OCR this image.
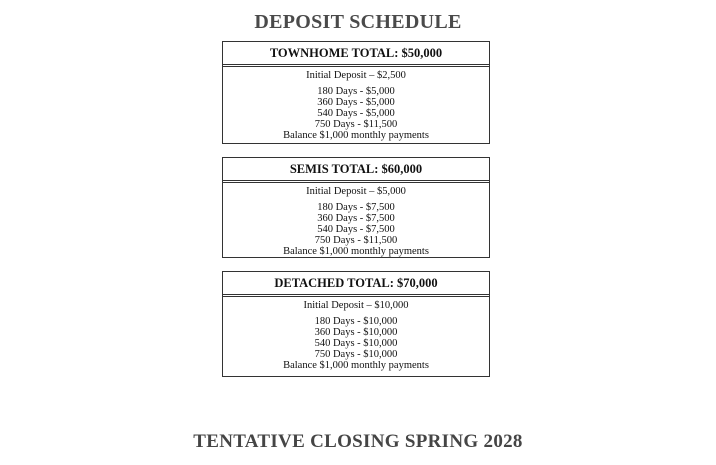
DEPOSIT SCHEDULE
TOWNHOME TOTAL: $50,000
Initial Deposit – $2,500
180 Days - $5,000
360 Days - $5,000
540 Days - $5,000
750 Days - $11,500
Balance $1,000 monthly payments
SEMIS TOTAL: $60,000
Initial Deposit – $5,000
180 Days - $7,500
360 Days - $7,500
540 Days - $7,500
750 Days - $11,500
Balance $1,000 monthly payments
DETACHED TOTAL: $70,000
Initial Deposit – $10,000
180 Days - $10,000
360 Days - $10,000
540 Days - $10,000
750 Days - $10,000
Balance $1,000 monthly payments
TENTATIVE CLOSING SPRING 2028
